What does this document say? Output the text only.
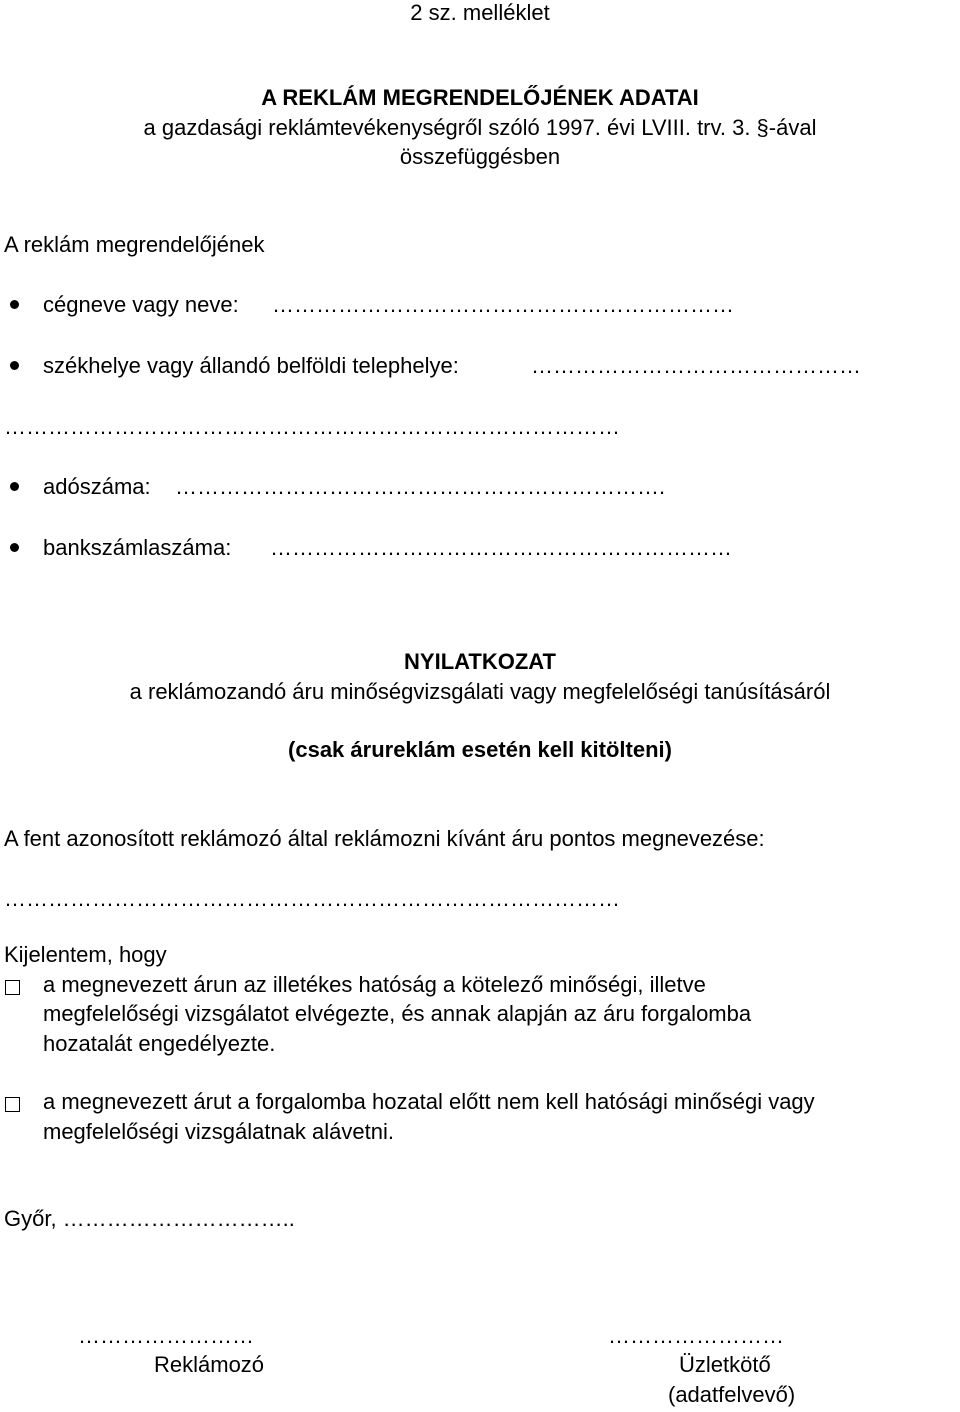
2 sz. melléklet
A REKLÁM MEGRENDELŐJÉNEK ADATAI
a gazdasági reklámtevékenységről szóló 1997. évi LVIII. trv. 3. §-ával
összefüggésben
A reklám megrendelőjének
cégneve vagy neve: ………………………………………………………
székhelye vagy állandó belföldi telephelye:	………………………………………
…………………………………………………………………………
adószáma: ………………………………………………………….
bankszámlaszáma: ………………………………………………………
NYILATKOZAT
a reklámozandó áru minőségvizsgálati vagy megfelelőségi tanúsításáról
(csak árureklám esetén kell kitölteni)
A fent azonosított reklámozó által reklámozni kívánt áru pontos megnevezése:
…………………………………………………………………………
Kijelentem, hogy
a megnevezett árun az illetékes hatóság a kötelező minőségi, illetve
megfelelőségi vizsgálatot elvégezte, és annak alapján az áru forgalomba
hozatalát engedélyezte.
a megnevezett árut a forgalomba hozatal előtt nem kell hatósági minőségi vagy
megfelelőségi vizsgálatnak alávetni.
Győr, …………………………..
……………………
Reklámozó
……………………
Üzletkötő
(adatfelvevő)
